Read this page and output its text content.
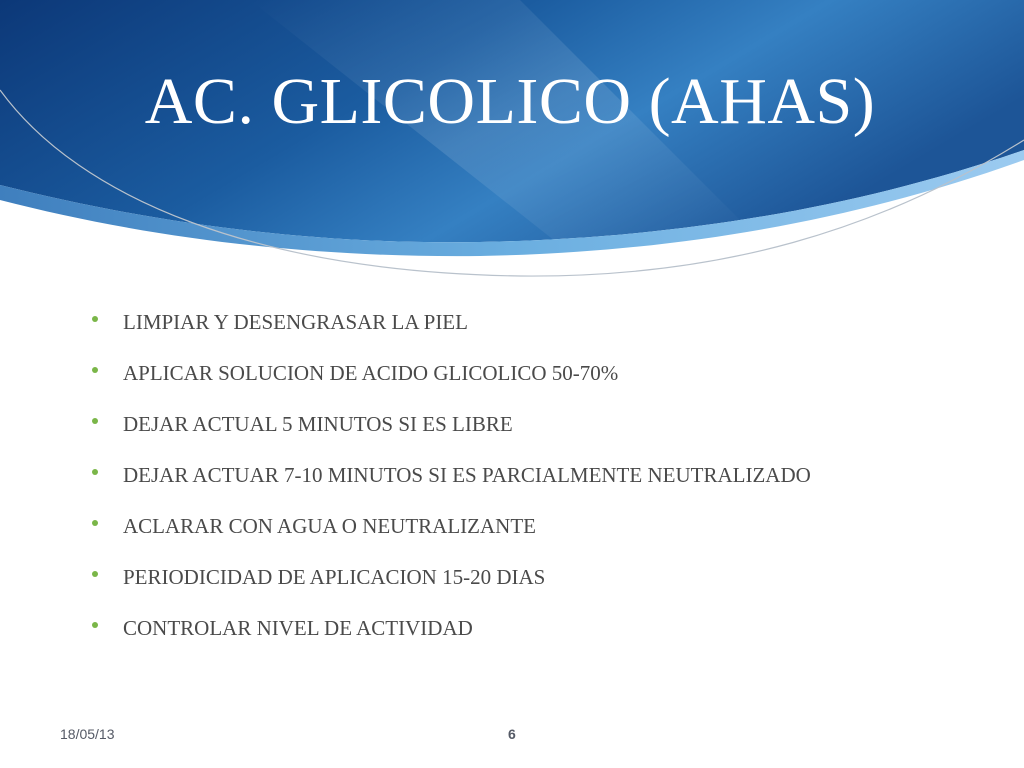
AC. GLICOLICO (AHAS)
LIMPIAR Y DESENGRASAR LA PIEL
APLICAR SOLUCION DE ACIDO GLICOLICO 50-70%
DEJAR ACTUAL 5 MINUTOS SI ES LIBRE
DEJAR ACTUAR 7-10 MINUTOS SI ES PARCIALMENTE NEUTRALIZADO
ACLARAR CON AGUA O NEUTRALIZANTE
PERIODICIDAD DE APLICACION 15-20 DIAS
CONTROLAR NIVEL DE ACTIVIDAD
18/05/13	6
